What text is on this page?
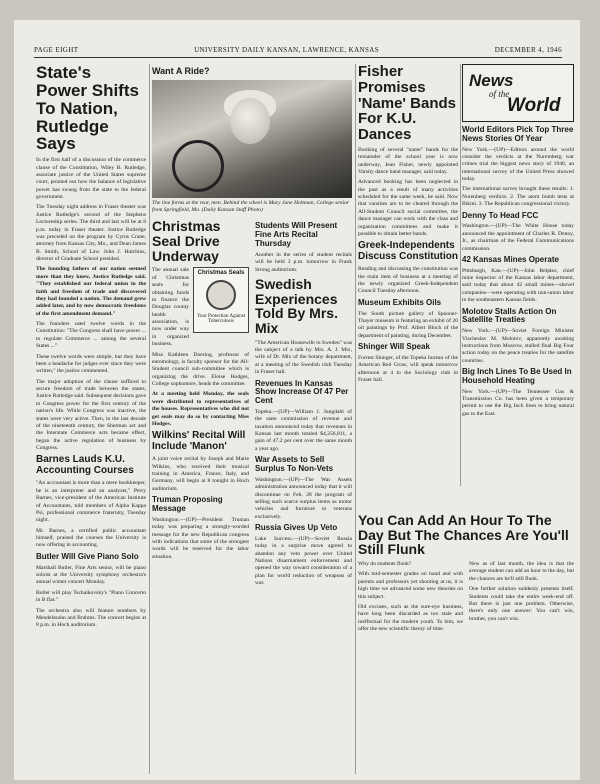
PAGE EIGHT	UNIVERSITY DAILY KANSAN, LAWRENCE, KANSAS	DECEMBER 4, 1946
State's Power Shifts To Nation, Rutledge Says

In the first half of a discussion of the commerce clause of the Constitution, Wiley B. Rutledge, associate justice of the United States supreme court, pointed out how the balance of legislative power has swung from the state to the federal government.

The Tuesday night address in Fraser theater was Justice Rutledge's second of the Stephens Lectureship series. The third and last will be at 8 p.m. today in Fraser theater. Justice Rutledge was preceded on the program by Cyrus Crane, attorney from Kansas City, Mo., and Dean James B. Smith, School of Law. John J. Hutchins, director of Graduate School presided.

The founding fathers of our nation seemed more than they knew, Justice Rutledge said. "They established our federal union in the faith and freedom of trade and discovered they had founded a nation. The demand grew added later, and by now democratic freedoms of the first amendment demand."

The founders used twelve words in the Constitution: "The Congress shall have power ... to regulate Commerce ... among the several States ..."

These twelve words were simple, but they have been a headache for judges ever since they were written," the justice commented.

The major adoption of the clause sufficed to secure freedom of trade between the states, Justice Rutledge said. Subsequent decisions gave to Congress power for the first century of the nation's life. While Congress was inactive, the states were very active. Then, in the last decade of the nineteenth century, the Sherman act and the Interstate Commerce acts became effect, began the active regulation of business by Congress.

Barnes Lauds K.U. Accounting Courses

"An accountant is more than a mere bookkeeper, he is an interpreter and an analyzer," Perry Barnes, vice-president of the American Institute of Accountants, told members of Alpha Kappa Psi, professional commerce fraternity, Tuesday night.

Mr. Barnes, a certified public accountant himself, praised the courses the University is now offering in accounting.

Butler Will Give Piano Solo

Marshall Butler, Fine Arts senior, will be piano soloist at the University symphony orchestra's annual winter concert Monday.

Butler will play Tschaikovsky's "Piano Concerto in B flat."

The orchestra also will feature numbers by Mendelssohn and Brahms. The concert begins at 8 p.m. in Hoch auditorium.

Want A Ride?

The line forms at the rear, men. Behind the wheel is Mary Jane Holtman, College senior from Springfield, Mo. (Daily Kansan Staff Photo)

Christmas Seal Drive Underway
Christmas Seals
Your Protection Against Tuberculosis

The annual sale of Christmas seals for obtaining funds to finance the Douglas county health association, is now under way in organized business.

Miss Kathleen Doering, professor of entomology, is faculty sponsor for the All-Student council sub-committee which is organizing the drive. Eloise Hodges, College sophomore, heads the committee.

At a meeting held Monday, the seals were distributed to representatives of the houses. Representatives who did not get seals may do so by contacting Miss Hodges.

Wilkins' Recital Will Include 'Manon'

A joint voice recital by Joseph and Marie Wilkins, who received their musical training in America, France, Italy, and Germany, will begin at 8 tonight in Hoch auditorium.

Truman Proposing Message

Washington.—(UP)—President Truman today was preparing a strongly-worded message for the new Republican congress with indications that some of the strongest words will be reserved for the labor situation.

Students Will Present Fine Arts Recital Thursday

Another in the series of student recitals will be held 3 p.m. tomorrow in Frank Strong auditorium.

Swedish Experiences Told By Mrs. Mix

"The American Housewife in Sweden" was the subject of a talk by Mrs. A. J. Mix, wife of Dr. Mix of the botany department, at a meeting of the Swedish club Tuesday in Fraser hall.

Revenues In Kansas Show Increase Of 47 Per Cent

Topeka.—(UP)—William J. Jungdahl of the state commission of revenue and taxation announced today that revenues in Kansas last month totaled $4,256,811, a gain of 47.2 per cent over the same month a year ago.

War Assets to Sell Surplus To Non-Vets

Washington.—(UP)—The War Assets administration announced today that it will discontinue on Feb. 28 the program of selling such scarce surplus items as motor vehicles and furniture to veterans exclusively.

Russia Gives Up Veto

Lake Success.—(UP)—Soviet Russia today in a surprise move agreed to abandon any veto power over United Nations disarmament enforcement and opened the way toward consideration of a plan for world reduction of weapons of war.

Fisher Promises 'Name' Bands For K.U. Dances

Booking of several "name" bands for the remainder of the school year is now underway, Jean Fisher, newly appointed Varsity dance band manager, said today.

Advanced booking has been neglected in the past as a result of many activities scheduled for the same week, he said. Now that varsities are to be cleared through the All-Student Council social committee, the dance manager can work with the class and organization committees and make it possible to obtain better bands.

Greek-Independents Discuss Constitution

Reading and discussing the constitution was the main item of business at a meeting of the newly organized Greek-Independent Council Tuesday afternoon.

Museum Exhibits Oils

The South picture gallery of Spooner-Thayer museum is featuring an exhibit of 20 oil paintings by Prof. Albert Bloch of the department of painting, during December.

Shinger Will Speak

Forrest Shinger, of the Topeka bureau of the American Red Cross, will speak tomorrow afternoon at 4 to the Sociology club in Fraser hall.

News
of the
World
World Editors Pick Top Three News Stories Of Year

New York.—(UP)—Editors around the world consider the verdicts at the Nuremberg war crimes trial the biggest news story of 1946, an international survey of the United Press showed today.

The international survey brought these results: 1. Nurenberg verdicts. 2. The atom bomb tests at Bikini. 3. The Republican congressional victory.

Denny To Head FCC

Washington.—(UP)—The White House today announced the appointment of Charles R. Denny, Jr., as chairman of the Federal Communications commission.

42 Kansas Mines Operate

Pittsburgh, Kan.—(UP)—John Belplez, chief mine inspector of the Kansas labor department, said today that about 42 small mines—shovel companies—were operating with non-union labor in the southeastern Kansas fields.

Molotov Stalls Action On Satellite Treaties

New York.—(UP)—Soviet Foreign Minister Viacheslav M. Molotov, apparently awaiting instructions from Moscow, stalled final Big Four action today on the peace treaties for the satellite countries.

Big Inch Lines To Be Used In Household Heating

New York.—(UP)—The Tennessee Gas & Transmission Co. has been given a temporary permit to use the Big Inch lines to bring natural gas to the East.

You Can Add An Hour To The Day But The Chances Are You'll Still Flunk

Why do students flunk?

With mid-semester grades on hand and with parents and professors yet shooting at us, it is high time we advanced some new theories on this subject.

Old excuses, such as the sure-eye business, have long been discarded as too stale and ineffectual for the modern youth. To him, we offer the new scientific theory of time.

New as of last month, the idea is that the average student can add an hour to the day, but the chances are he'll still flunk.

One further solution suddenly presents itself. Students could take the entire week-end off. But there is just one problem. Otherwise, there's only one answer: You can't win, brother, you can't win.
